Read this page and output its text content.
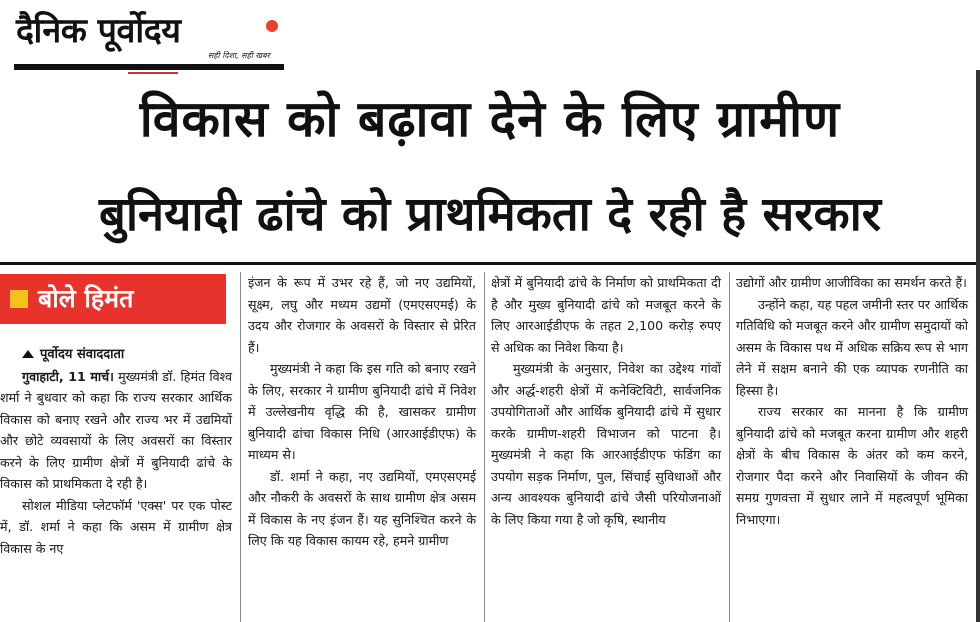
दैनिक पूर्वोदय
सही दिशा, सही खबर
विकास को बढ़ावा देने के लिए ग्रामीण
बुनियादी ढांचे को प्राथमिकता दे रही है सरकार
बोले हिमंत
पूर्वोदय संवाददाता

गुवाहाटी, 11 मार्च। मुख्यमंत्री डॉ. हिमंत विश्व शर्मा ने बुधवार को कहा कि राज्य सरकार आर्थिक विकास को बनाए रखने और राज्य भर में उद्यमियों और छोटे व्यवसायों के लिए अवसरों का विस्तार करने के लिए ग्रामीण क्षेत्रों में बुनियादी ढांचे के विकास को प्राथमिकता दे रही है।

सोशल मीडिया प्लेटफॉर्म 'एक्स' पर एक पोस्ट में, डॉ. शर्मा ने कहा कि असम में ग्रामीण क्षेत्र विकास के नए

इंजन के रूप में उभर रहे हैं, जो नए उद्यमियों, सूक्ष्म, लघु और मध्यम उद्यमों (एमएसएमई) के उदय और रोजगार के अवसरों के विस्तार से प्रेरित हैं।

मुख्यमंत्री ने कहा कि इस गति को बनाए रखने के लिए, सरकार ने ग्रामीण बुनियादी ढांचे में निवेश में उल्लेखनीय वृद्धि की है, खासकर ग्रामीण बुनियादी ढांचा विकास निधि (आरआईडीएफ) के माध्यम से।

डॉ. शर्मा ने कहा, नए उद्यमियों, एमएसएमई और नौकरी के अवसरों के साथ ग्रामीण क्षेत्र असम में विकास के नए इंजन हैं। यह सुनिश्चित करने के लिए कि यह विकास कायम रहे, हमने ग्रामीण

क्षेत्रों में बुनियादी ढांचे के निर्माण को प्राथमिकता दी है और मुख्य बुनियादी ढांचे को मजबूत करने के लिए आरआईडीएफ के तहत 2,100 करोड़ रुपए से अधिक का निवेश किया है।

मुख्यमंत्री के अनुसार, निवेश का उद्देश्य गांवों और अर्द्ध-शहरी क्षेत्रों में कनेक्टिविटी, सार्वजनिक उपयोगिताओं और आर्थिक बुनियादी ढांचे में सुधार करके ग्रामीण-शहरी विभाजन को पाटना है। मुख्यमंत्री ने कहा कि आरआईडीएफ फंडिंग का उपयोग सड़क निर्माण, पुल, सिंचाई सुविधाओं और अन्य आवश्यक बुनियादी ढांचे जैसी परियोजनाओं के लिए किया गया है जो कृषि, स्थानीय

उद्योगों और ग्रामीण आजीविका का समर्थन करते हैं।

उन्होंने कहा, यह पहल जमीनी स्तर पर आर्थिक गतिविधि को मजबूत करने और ग्रामीण समुदायों को असम के विकास पथ में अधिक सक्रिय रूप से भाग लेने में सक्षम बनाने की एक व्यापक रणनीति का हिस्सा है।

राज्य सरकार का मानना है कि ग्रामीण बुनियादी ढांचे को मजबूत करना ग्रामीण और शहरी क्षेत्रों के बीच विकास के अंतर को कम करने, रोजगार पैदा करने और निवासियों के जीवन की समग्र गुणवत्ता में सुधार लाने में महत्वपूर्ण भूमिका निभाएगा।
